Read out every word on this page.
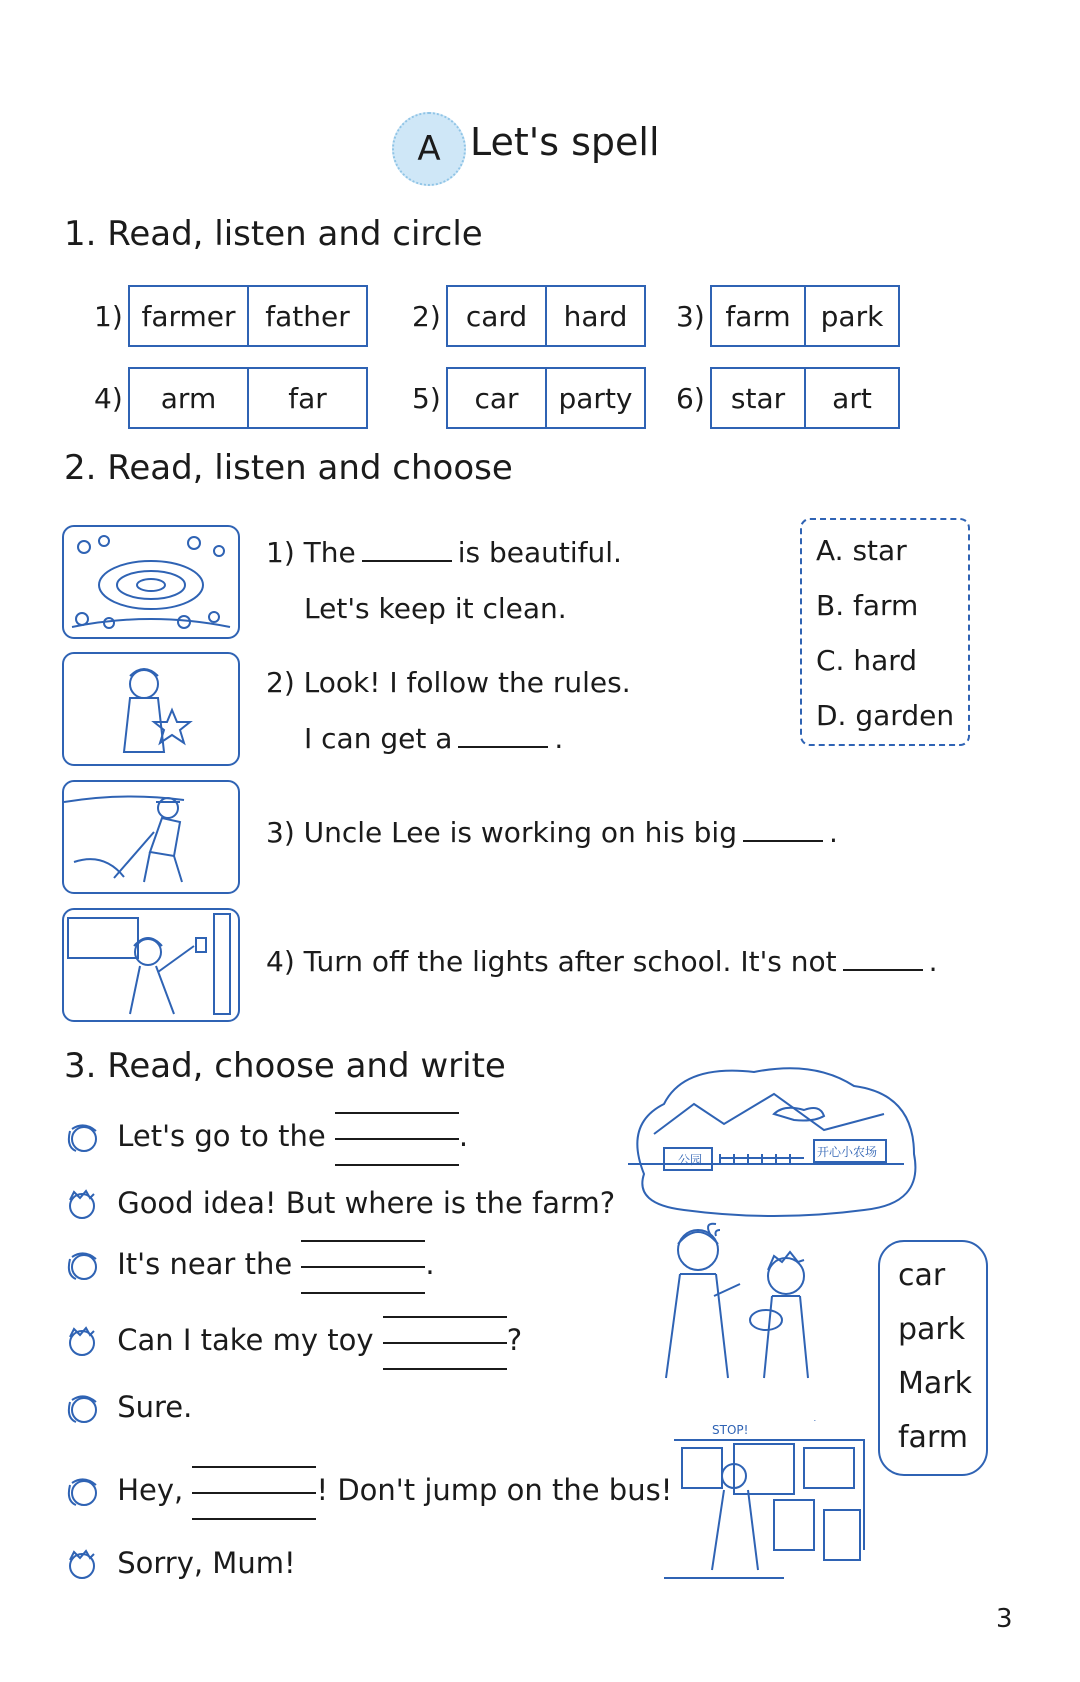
A Let's spell
1. Read, listen and circle
1) farmer	father	2) card	hard	3) farm	park
4)	arm	far	5)	car	party	6) star	art
2. Read, listen and choose
1) The	is beautiful.
Let's keep it clean.
2) Look! I follow the rules.
I can get a	.
A. star
B. farm
C. hard
D. garden
3) Uncle Lee is working on his big	.
4) Turn off the lights after school. It's not	.
3. Read, choose and write
Let's go to the	.
Good idea! But where is the farm?
It's near the	.
Can I take my toy	?
Sure.
Hey,	! Don't jump on the bus!
Sorry, Mum!
公园
开心小农场
STOP!
car
park
Mark
farm
3
